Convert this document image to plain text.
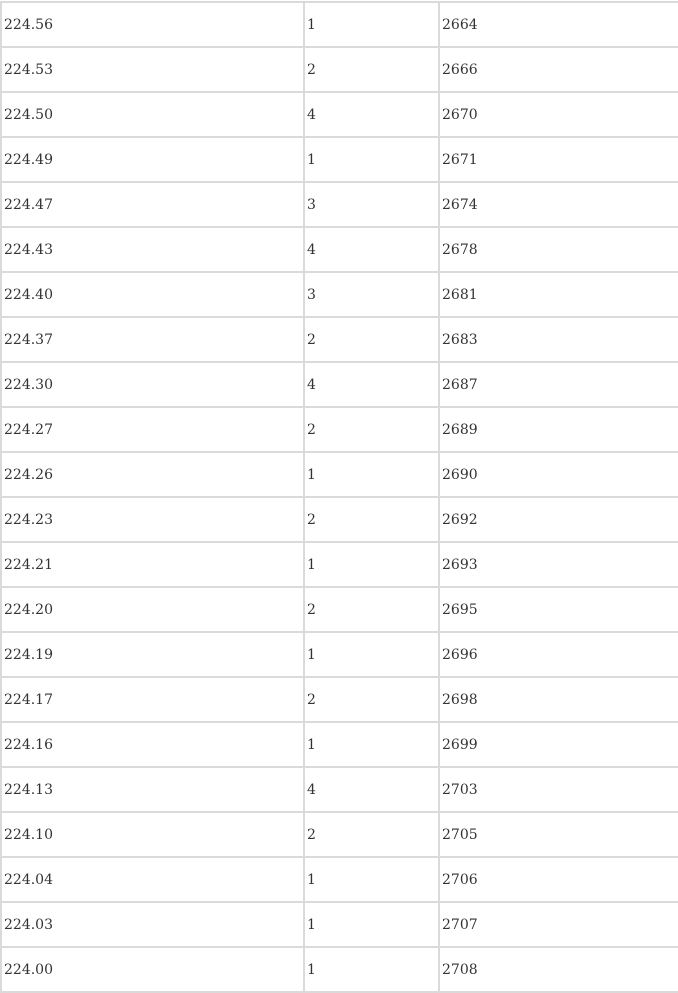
224.56	1	2664
224.53	2	2666
224.50	4	2670
224.49	1	2671
224.47	3	2674
224.43	4	2678
224.40	3	2681
224.37	2	2683
224.30	4	2687
224.27	2	2689
224.26	1	2690
224.23	2	2692
224.21	1	2693
224.20	2	2695
224.19	1	2696
224.17	2	2698
224.16	1	2699
224.13	4	2703
224.10	2	2705
224.04	1	2706
224.03	1	2707
224.00	1	2708
